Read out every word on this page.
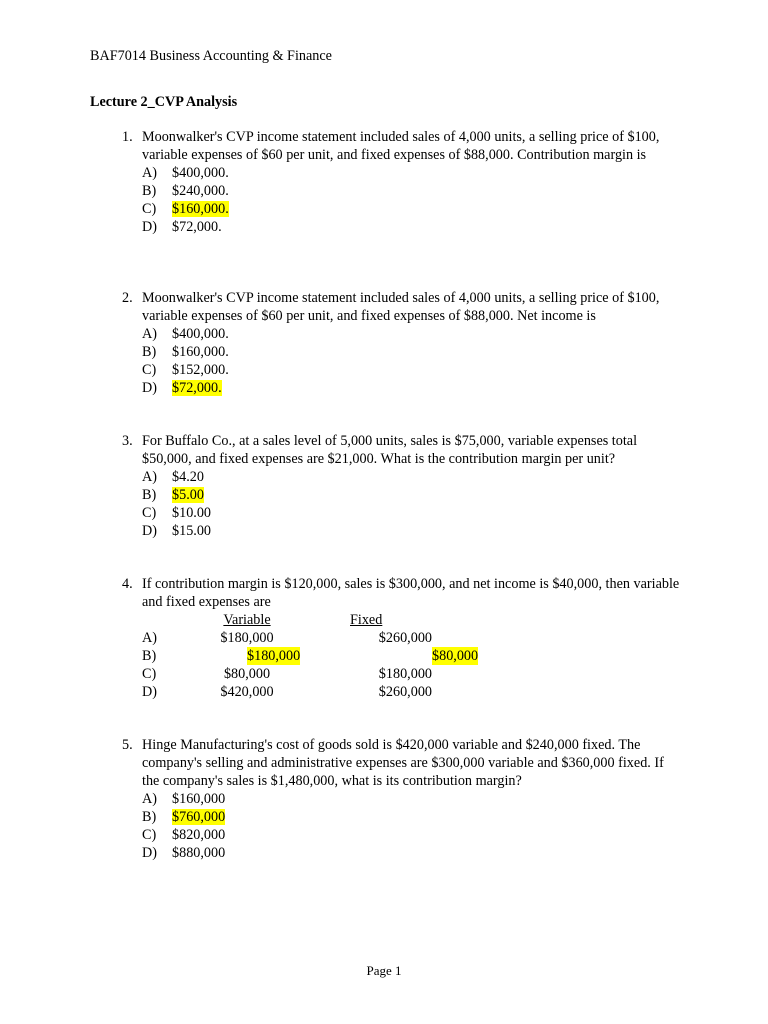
BAF7014 Business Accounting & Finance
Lecture 2_CVP Analysis
1. Moonwalker's CVP income statement included sales of 4,000 units, a selling price of $100, variable expenses of $60 per unit, and fixed expenses of $88,000. Contribution margin is

A) $400,000.
B) $240,000.
C) $160,000.
D) $72,000.
2. Moonwalker's CVP income statement included sales of 4,000 units, a selling price of $100, variable expenses of $60 per unit, and fixed expenses of $88,000. Net income is

A) $400,000.
B) $160,000.
C) $152,000.
D) $72,000.
3. For Buffalo Co., at a sales level of 5,000 units, sales is $75,000, variable expenses total $50,000, and fixed expenses are $21,000. What is the contribution margin per unit?

A) $4.20
B) $5.00
C) $10.00
D) $15.00
4. If contribution margin is $120,000, sales is $300,000, and net income is $40,000, then variable and fixed expenses are

Variable	Fixed
A)	$180,000	$260,000
B)	$180,000	$80,000
C)	$80,000	$180,000
D)	$420,000	$260,000
5. Hinge Manufacturing's cost of goods sold is $420,000 variable and $240,000 fixed. The company's selling and administrative expenses are $300,000 variable and $360,000 fixed. If the company's sales is $1,480,000, what is its contribution margin?

A) $160,000
B) $760,000
C) $820,000
D) $880,000
Page 1
